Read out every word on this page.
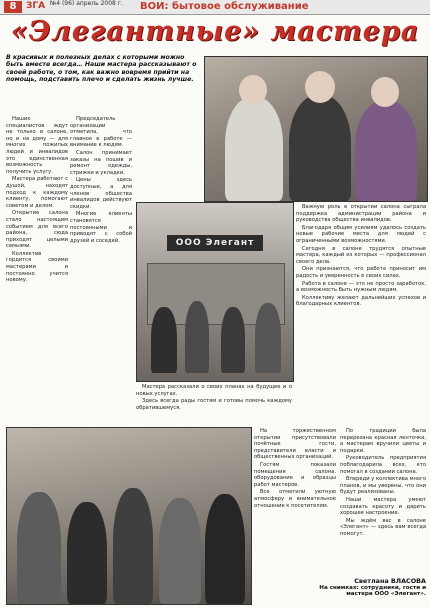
8	ЗГА №4 (96) апрель 2008 г. ВОИ: бытовое обслуживание
«Элегантные» мастера
В красивых и полезных делах с которыми можно быть вместе всегда… Наши мастера рассказывают о своей работе, о том, как важно вовремя прийти на помощь, подставить плечо и сделать жизнь лучше.
ООО Элегант

Наших специалистов ждут не только в салоне, но и на дому — для многих пожилых людей и инвалидов это единственная возможность получить услугу.

Мастера работают с душой, находят подход к каждому клиенту, помогают советом и делом.

Открытие салона стало настоящим событием для всего района, сюда приходят целыми семьями.

Коллектив гордится своими мастерами и постоянно учится новому.

Председатель организации отметила, что главное в работе — внимание к людям.

Салон принимает заказы на пошив и ремонт одежды, стрижки и укладки.

Цены здесь доступные, а для членов общества инвалидов действуют скидки.

Многие клиенты становятся постоянными и приводят с собой друзей и соседей.

Мастера рассказали о своих планах на будущее и о новых услугах.

Здесь всегда рады гостям и готовы помочь каждому обратившемуся.

Важную роль в открытии салона сыграла поддержка администрации района и руководства общества инвалидов.

Благодаря общим усилиям удалось создать новые рабочие места для людей с ограниченными возможностями.

Сегодня в салоне трудятся опытные мастера, каждый из которых — профессионал своего дела.

Они признаются, что работа приносит им радость и уверенность в своих силах.

Работа в салоне — это не просто заработок, а возможность быть нужным людям.

Коллективу желают дальнейших успехов и благодарных клиентов.

На торжественном открытии присутствовали почётные гости, представители власти и общественных организаций.

Гостям показали помещения салона, оборудование и образцы работ мастеров.

Все отметили уютную атмосферу и внимательное отношение к посетителям.

По традиции была перерезана красная ленточка, а мастерам вручили цветы и подарки.

Руководитель предприятия поблагодарила всех, кто помогал в создании салона.

Впереди у коллектива много планов, и мы уверены, что они будут реализованы.

Наши мастера умеют создавать красоту и дарить хорошее настроение.

Мы ждём вас в салоне «Элегант» — здесь вам всегда помогут.

Светлана ВЛАСОВА
На снимках: сотрудники, гости и мастера ООО «Элегант».
